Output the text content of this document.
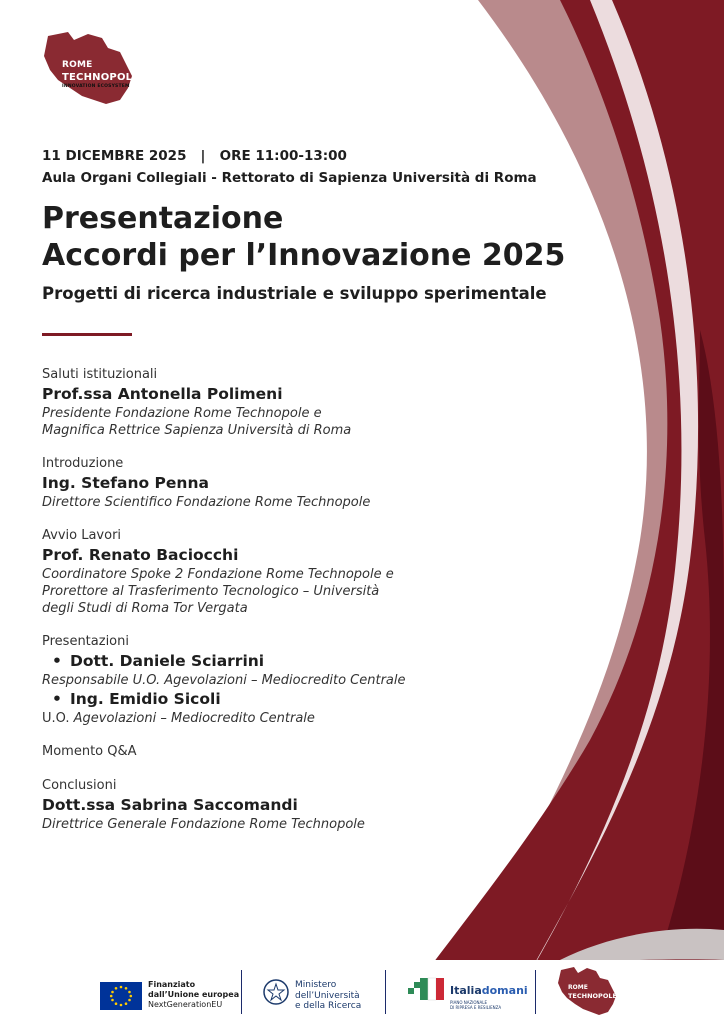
ROME
TECHNOPOLE
INNOVATION ECOSYSTEM
11 DICEMBRE 2025   |   ORE 11:00-13:00
Aula Organi Collegiali - Rettorato di Sapienza Università di Roma
Presentazione
Accordi per l’Innovazione 2025
Progetti di ricerca industriale e sviluppo sperimentale
Saluti istituzionali
Prof.ssa Antonella Polimeni
Presidente Fondazione Rome Technopole e
Magnifica Rettrice Sapienza Università di Roma
Introduzione
Ing. Stefano Penna
Direttore Scientifico Fondazione Rome Technopole
Avvio Lavori
Prof. Renato Baciocchi
Coordinatore Spoke 2 Fondazione Rome Technopole e
Prorettore al Trasferimento Tecnologico – Università
degli Studi di Roma Tor Vergata
Presentazioni
• Dott. Daniele Sciarrini
Responsabile U.O. Agevolazioni – Mediocredito Centrale
• Ing. Emidio Sicoli
U.O. Agevolazioni – Mediocredito Centrale
Momento Q&A
Conclusioni
Dott.ssa Sabrina Saccomandi
Direttrice Generale Fondazione Rome Technopole
Finanziato
dall’Unione europea
NextGenerationEU
Ministero
dell’Università
e della Ricerca
Italiadomani
PIANO NAZIONALE
DI RIPRESA E RESILIENZA
ROME
TECHNOPOLE
